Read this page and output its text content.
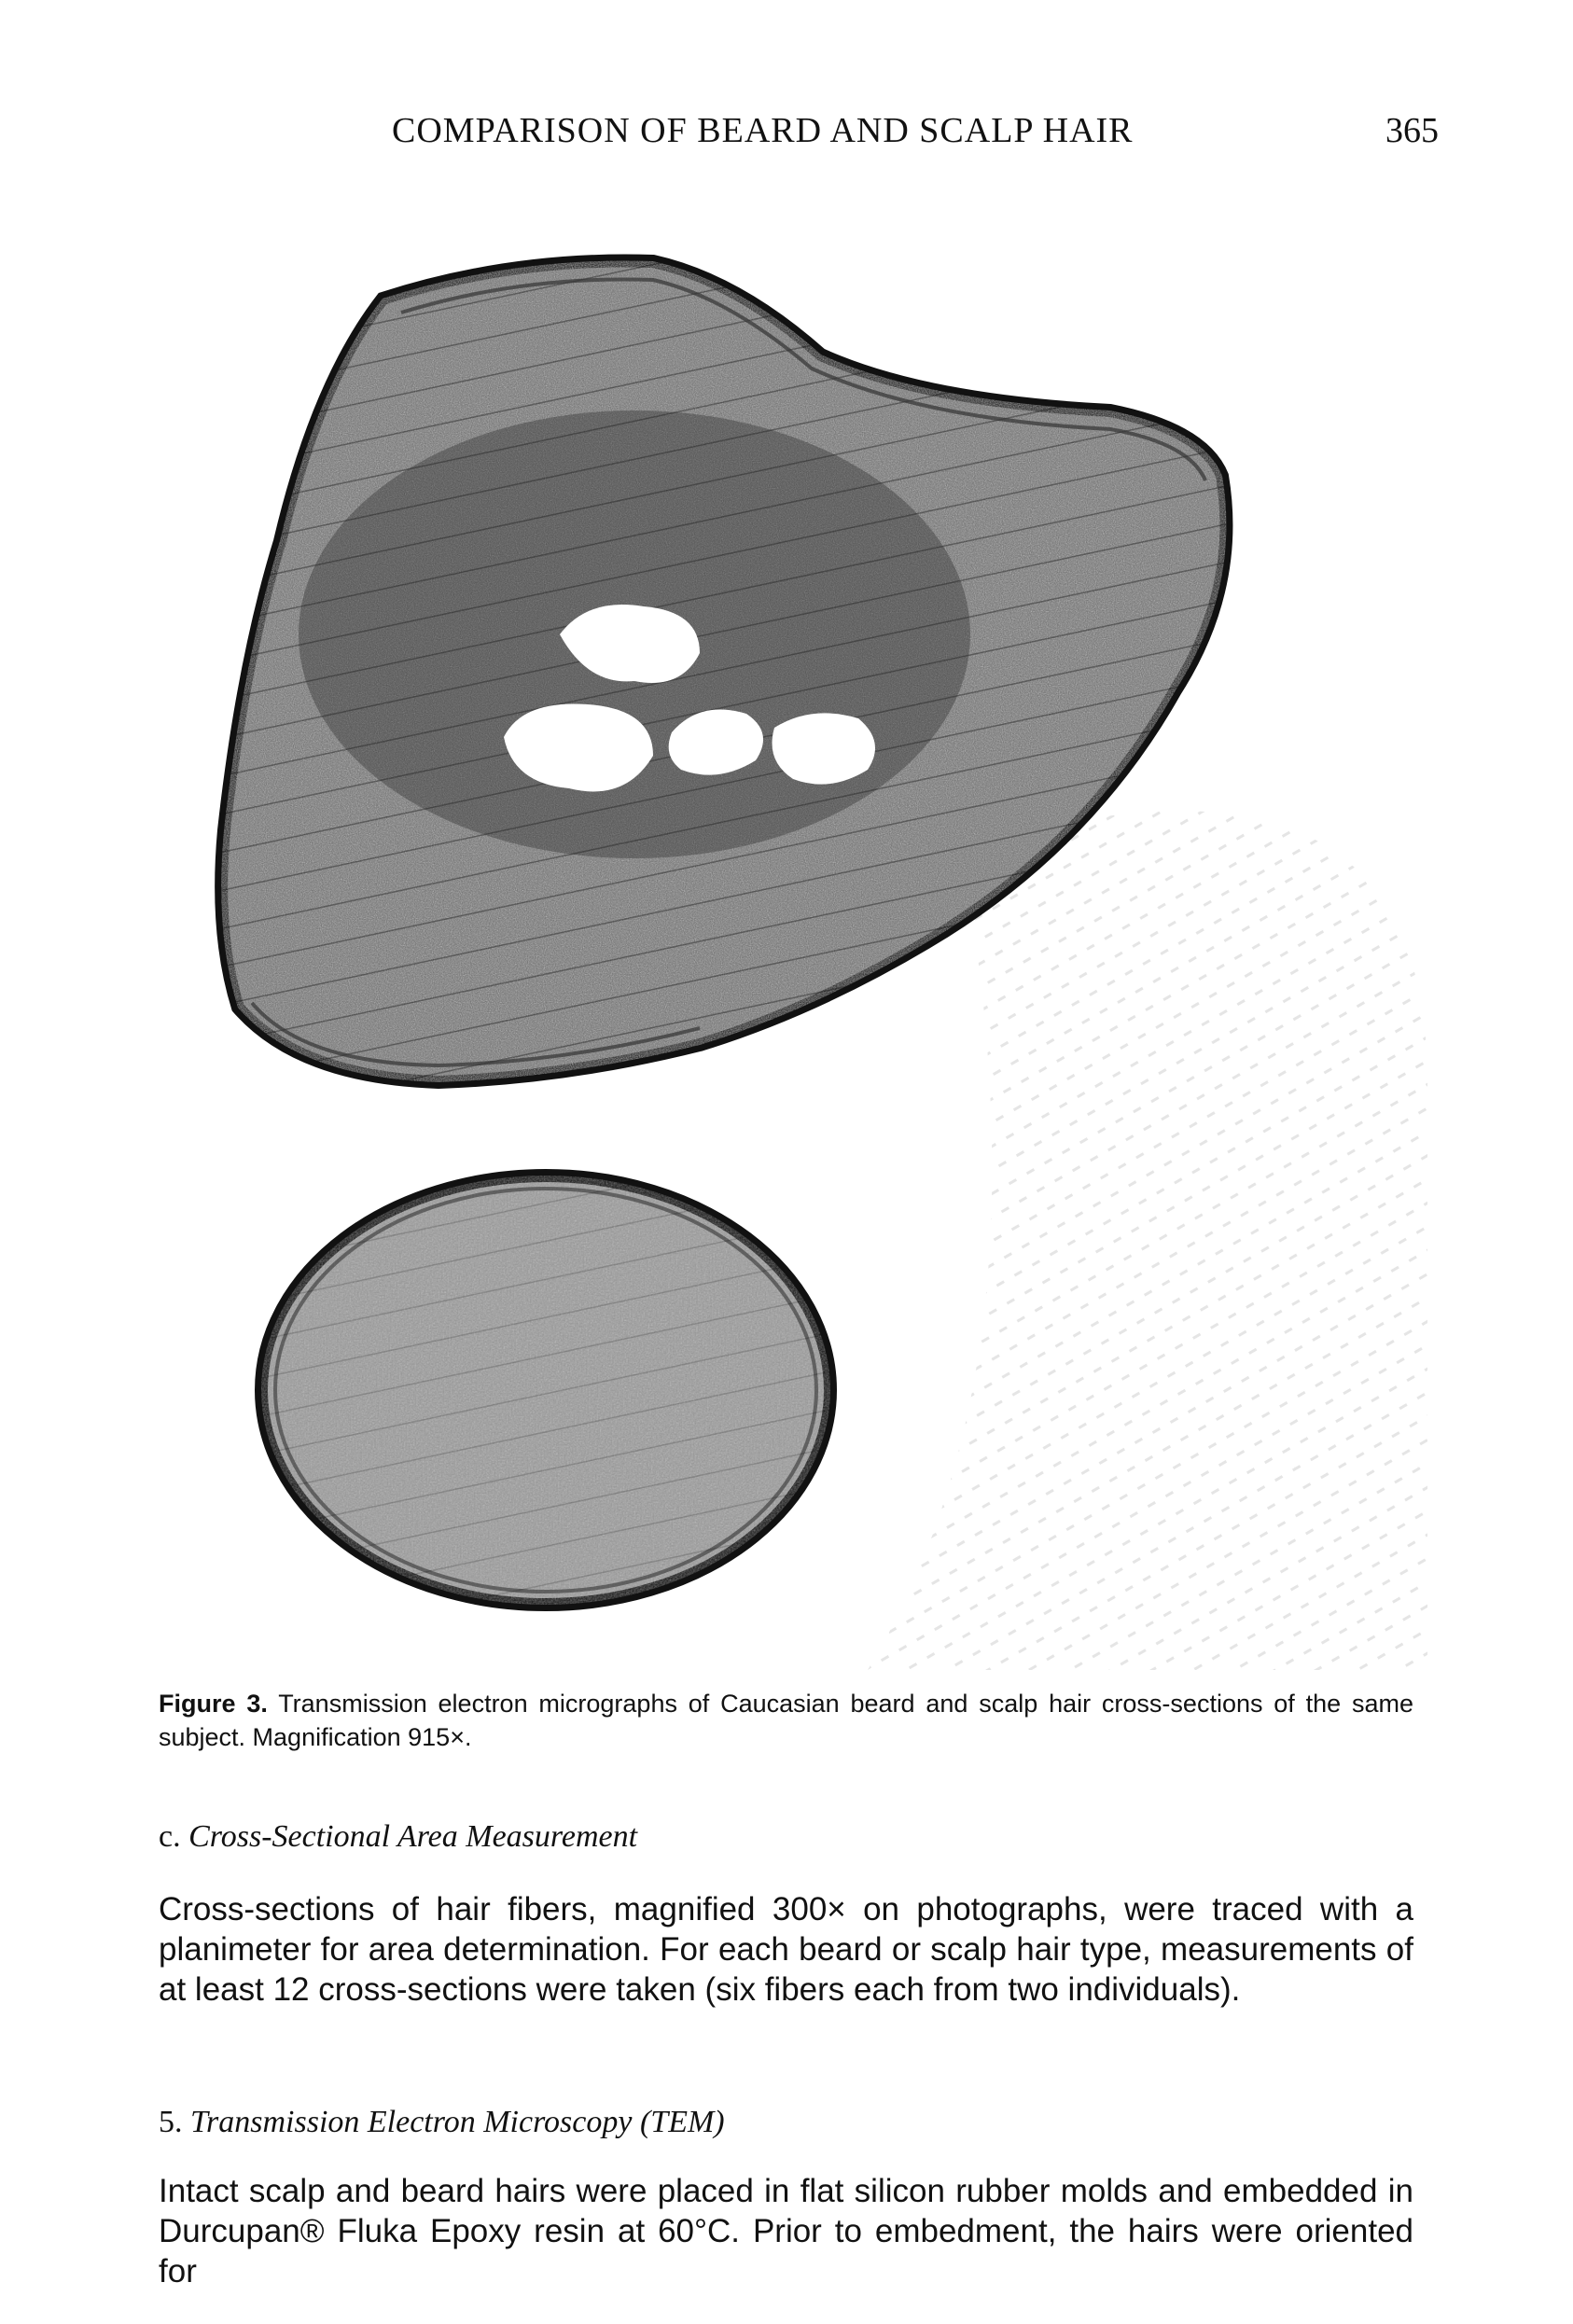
COMPARISON OF BEARD AND SCALP HAIR	365
Figure 3. Transmission electron micrographs of Caucasian beard and scalp hair cross-sections of the same subject. Magnification 915×.
c. Cross-Sectional Area Measurement
Cross-sections of hair fibers, magnified 300× on photographs, were traced with a planimeter for area determination. For each beard or scalp hair type, measurements of at least 12 cross-sections were taken (six fibers each from two individuals).
5. Transmission Electron Microscopy (TEM)
Intact scalp and beard hairs were placed in flat silicon rubber molds and embedded in Durcupan® Fluka Epoxy resin at 60°C. Prior to embedment, the hairs were oriented for
